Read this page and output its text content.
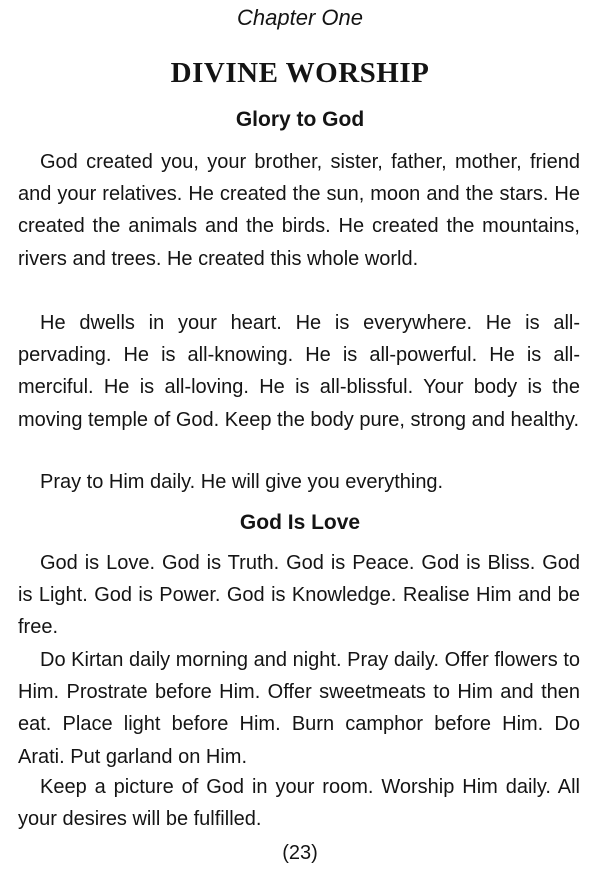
Chapter One
DIVINE WORSHIP
Glory to God

God created you, your brother, sister, father, mother, friend and your relatives. He created the sun, moon and the stars. He created the animals and the birds. He created the mountains, rivers and trees. He created this whole world.

He dwells in your heart. He is everywhere. He is all-pervading. He is all-knowing. He is all-powerful. He is all-merciful. He is all-loving. He is all-blissful. Your body is the moving temple of God. Keep the body pure, strong and healthy.

Pray to Him daily. He will give you everything.

God Is Love

God is Love. God is Truth. God is Peace. God is Bliss. God is Light. God is Power. God is Knowledge. Realise Him and be free.

Do Kirtan daily morning and night. Pray daily. Offer flowers to Him. Prostrate before Him. Offer sweetmeats to Him and then eat. Place light before Him. Burn camphor before Him. Do Arati. Put garland on Him.

Keep a picture of God in your room. Worship Him daily. All your desires will be fulfilled.

(23)
